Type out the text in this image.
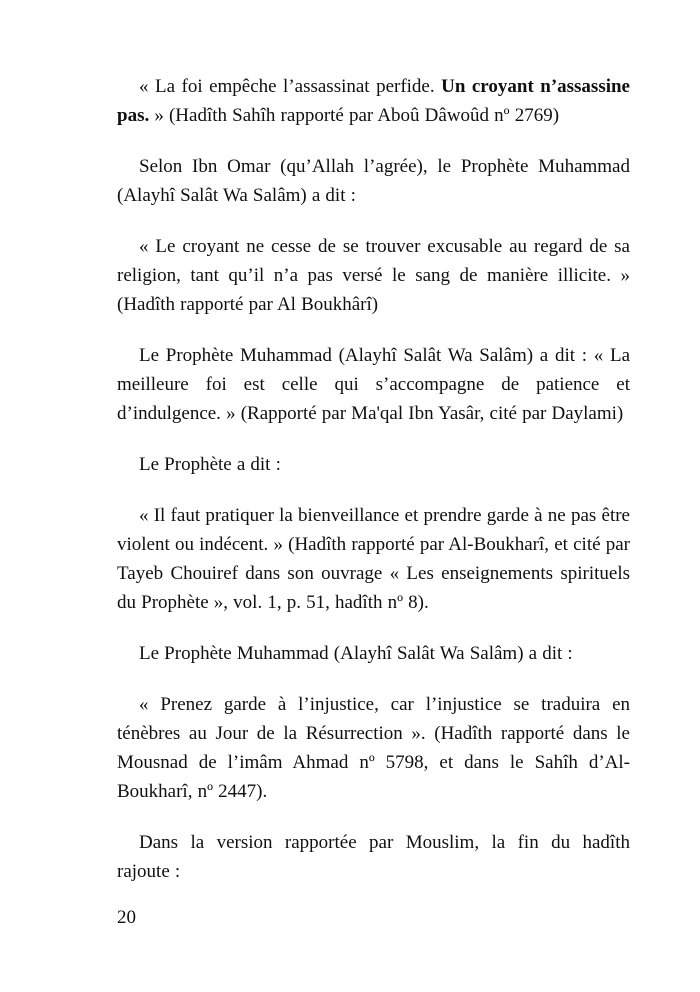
« La foi empêche l’assassinat perfide. Un croyant n’assassine pas. » (Hadîth Sahîh rapporté par Aboû Dâwoûd nº 2769)

Selon Ibn Omar (qu’Allah l’agrée), le Prophète Muhammad (Alayhî Salât Wa Salâm) a dit :

« Le croyant ne cesse de se trouver excusable au regard de sa religion, tant qu’il n’a pas versé le sang de manière illicite. » (Hadîth rapporté par Al Boukhârî)

Le Prophète Muhammad (Alayhî Salât Wa Salâm) a dit : « La meilleure foi est celle qui s’accompagne de patience et d’indulgence. » (Rapporté par Ma'qal Ibn Yasâr, cité par Daylami)

Le Prophète a dit :

« Il faut pratiquer la bienveillance et prendre garde à ne pas être violent ou indécent. » (Hadîth rapporté par Al-Boukharî, et cité par Tayeb Chouiref dans son ouvrage « Les enseignements spirituels du Prophète », vol. 1, p. 51, hadîth nº 8).

Le Prophète Muhammad (Alayhî Salât Wa Salâm) a dit :

« Prenez garde à l’injustice, car l’injustice se traduira en ténèbres au Jour de la Résurrection ». (Hadîth rapporté dans le Mousnad de l’imâm Ahmad nº 5798, et dans le Sahîh d’Al-Boukharî, nº 2447).

Dans la version rapportée par Mouslim, la fin du hadîth rajoute :

20
